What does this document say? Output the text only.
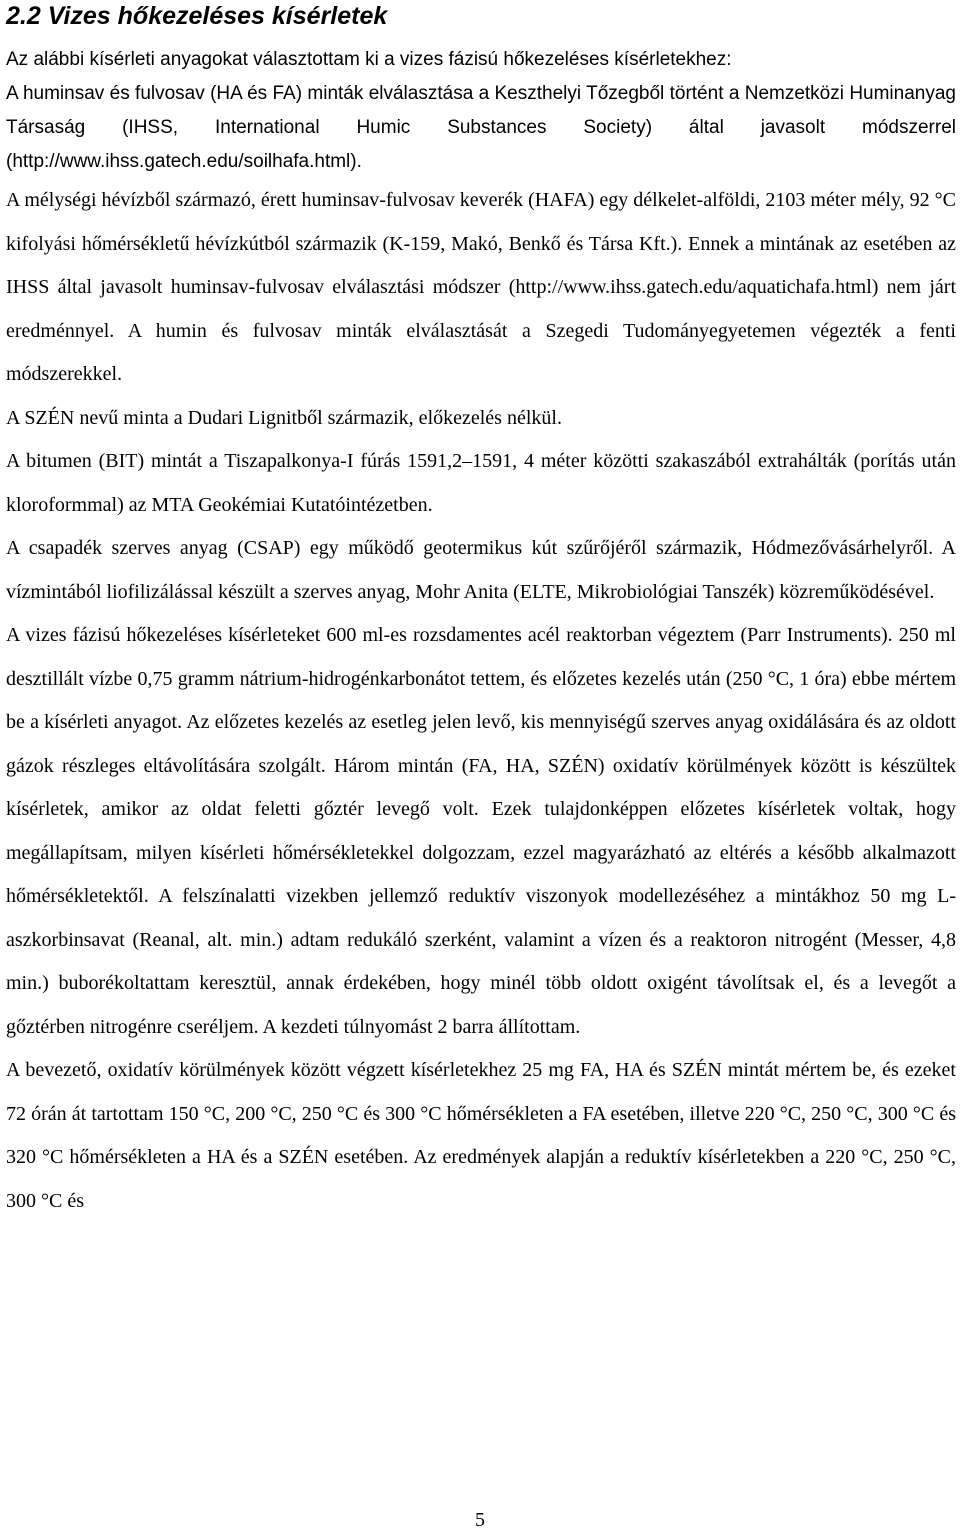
2.2 Vizes hőkezeléses kísérletek

Az alábbi kísérleti anyagokat választottam ki a vizes fázisú hőkezeléses kísérletekhez:

A huminsav és fulvosav (HA és FA) minták elválasztása a Keszthelyi Tőzegből történt a Nemzetközi Huminanyag Társaság (IHSS, International Humic Substances Society) által javasolt módszerrel (http://www.ihss.gatech.edu/soilhafa.html).

A mélységi hévízből származó, érett huminsav-fulvosav keverék (HAFA) egy délkelet-alföldi, 2103 méter mély, 92 °C kifolyási hőmérsékletű hévízkútból származik (K-159, Makó, Benkő és Társa Kft.). Ennek a mintának az esetében az IHSS által javasolt huminsav-fulvosav elválasztási módszer (http://www.ihss.gatech.edu/aquatichafa.html) nem járt eredménnyel. A humin és fulvosav minták elválasztását a Szegedi Tudományegyetemen végezték a fenti módszerekkel.

A SZÉN nevű minta a Dudari Lignitből származik, előkezelés nélkül.

A bitumen (BIT) mintát a Tiszapalkonya-I fúrás 1591,2–1591, 4 méter közötti szakaszából extrahálták (porítás után kloroformmal) az MTA Geokémiai Kutatóintézetben.

A csapadék szerves anyag (CSAP) egy működő geotermikus kút szűrőjéről származik, Hódmezővásárhelyről. A vízmintából liofilizálással készült a szerves anyag, Mohr Anita (ELTE, Mikrobiológiai Tanszék) közreműködésével.

A vizes fázisú hőkezeléses kísérleteket 600 ml-es rozsdamentes acél reaktorban végeztem (Parr Instruments). 250 ml desztillált vízbe 0,75 gramm nátrium-hidrogénkarbonátot tettem, és előzetes kezelés után (250 °C, 1 óra) ebbe mértem be a kísérleti anyagot. Az előzetes kezelés az esetleg jelen levő, kis mennyiségű szerves anyag oxidálására és az oldott gázok részleges eltávolítására szolgált. Három mintán (FA, HA, SZÉN) oxidatív körülmények között is készültek kísérletek, amikor az oldat feletti gőztér levegő volt. Ezek tulajdonképpen előzetes kísérletek voltak, hogy megállapítsam, milyen kísérleti hőmérsékletekkel dolgozzam, ezzel magyarázható az eltérés a később alkalmazott hőmérsékletektől. A felszínalatti vizekben jellemző reduktív viszonyok modellezéséhez a mintákhoz 50 mg L-aszkorbinsavat (Reanal, alt. min.) adtam redukáló szerként, valamint a vízen és a reaktoron nitrogént (Messer, 4,8 min.) buborékoltattam keresztül, annak érdekében, hogy minél több oldott oxigént távolítsak el, és a levegőt a gőztérben nitrogénre cseréljem. A kezdeti túlnyomást 2 barra állítottam.

A bevezető, oxidatív körülmények között végzett kísérletekhez 25 mg FA, HA és SZÉN mintát mértem be, és ezeket 72 órán át tartottam 150 °C, 200 °C, 250 °C és 300 °C hőmérsékleten a FA esetében, illetve 220 °C, 250 °C, 300 °C és 320 °C hőmérsékleten a HA és a SZÉN esetében. Az eredmények alapján a reduktív kísérletekben a 220 °C, 250 °C, 300 °C és

5
